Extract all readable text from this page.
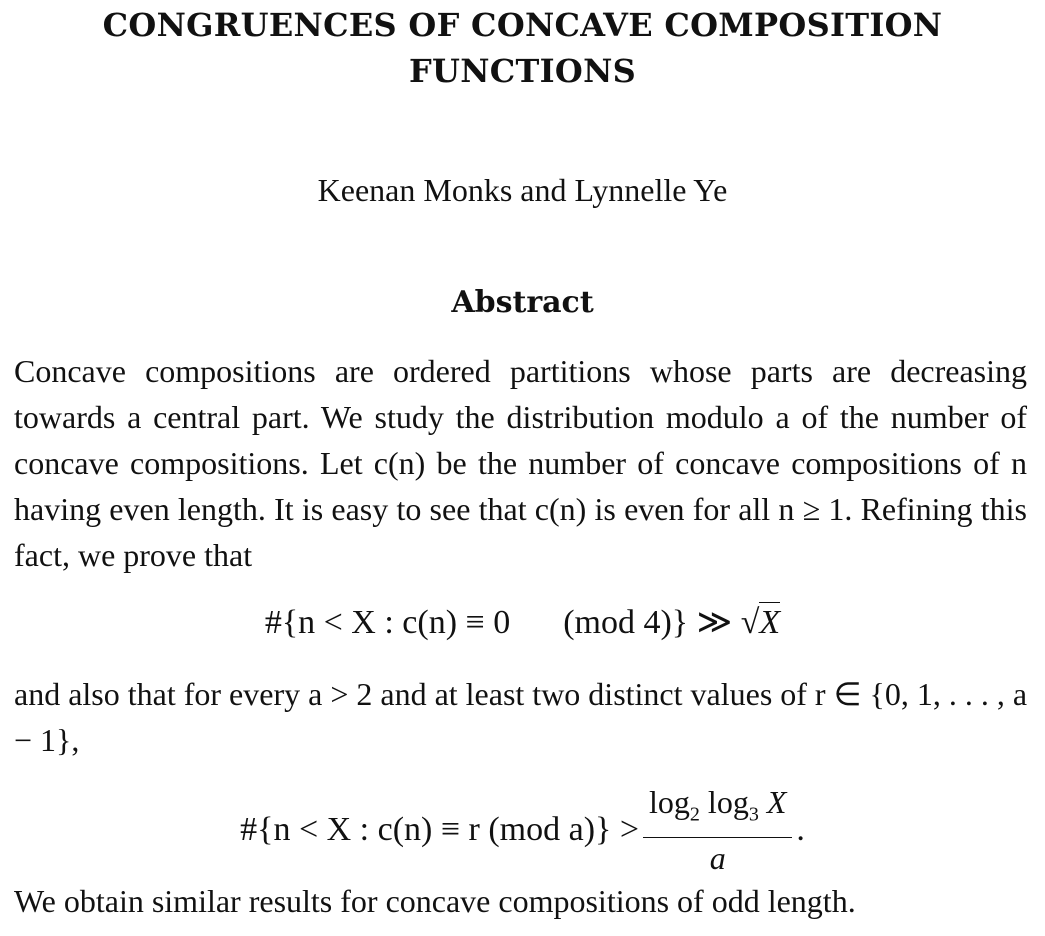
CONGRUENCES OF CONCAVE COMPOSITION
FUNCTIONS
Keenan Monks and Lynnelle Ye
Abstract

Concave compositions are ordered partitions whose parts are decreasing towards a central part. We study the distribution modulo a of the number of concave compositions. Let c(n) be the number of concave compositions of n having even length. It is easy to see that c(n) is even for all n ≥ 1. Refining this fact, we prove that

#{n < X : c(n) ≡ 0 (mod 4)} ≫ √X

and also that for every a > 2 and at least two distinct values of r ∈ {0, 1, . . . , a − 1},

#{n < X : c(n) ≡ r (mod $a)\} > \frac{\log_2 \log_3 X}{a}$ .

We obtain similar results for concave compositions of odd length.
